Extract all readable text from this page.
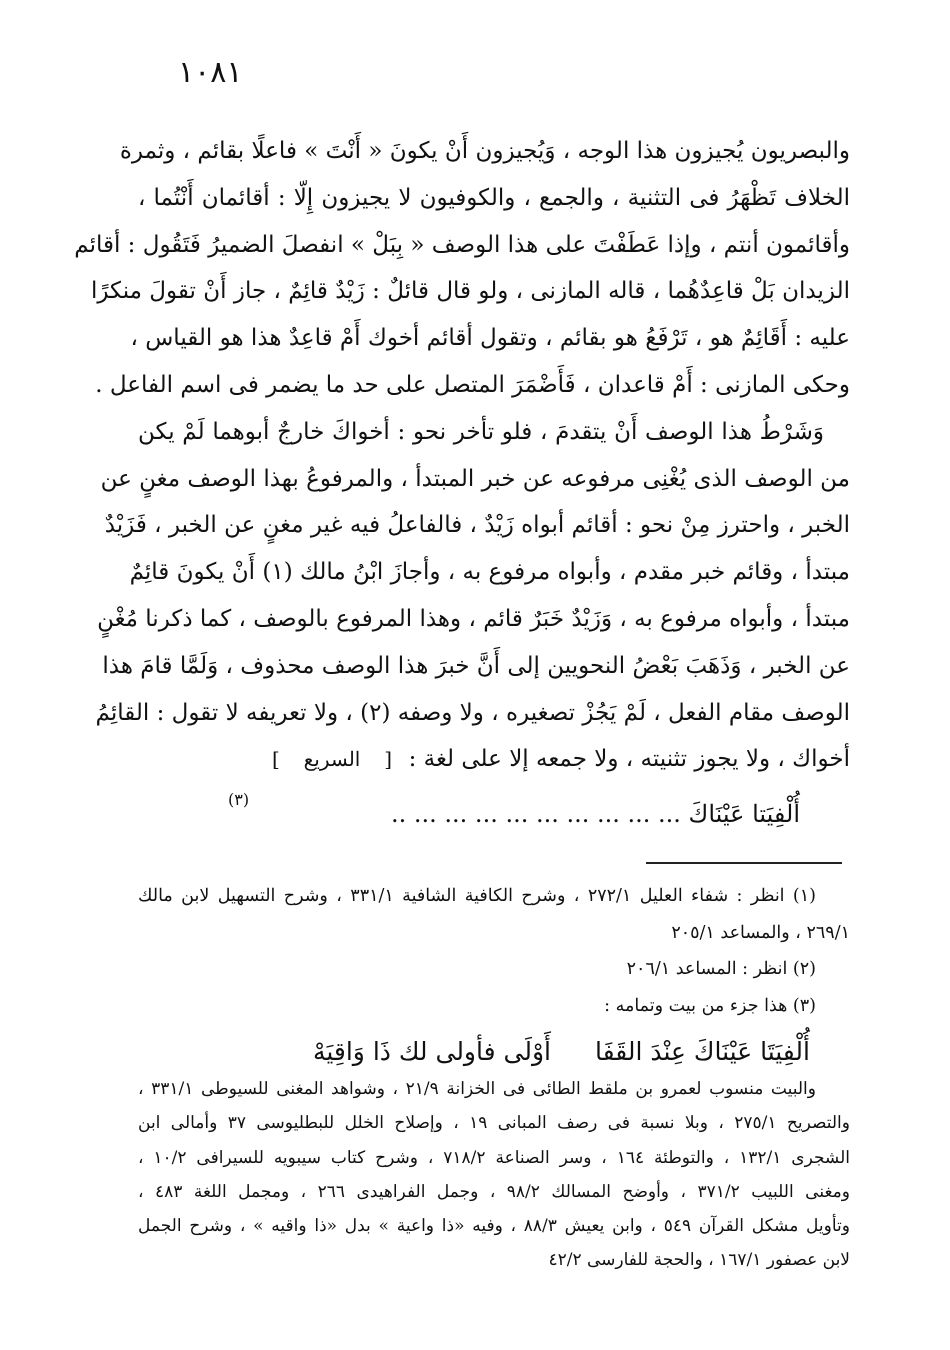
١٠٨١
والبصريون يُجيزون هذا الوجه ، وَيُجيزون أَنْ يكونَ « أَنْتَ » فاعلًا بقائم ، وثمرة
الخلاف تَظْهَرُ فى التثنية ، والجمع ، والكوفيون لا يجيزون إِلّا : أقائمان أَنْتُما ،
وأقائمون أنتم ، وإذا عَطَفْتَ على هذا الوصف « بِبَلْ » انفصلَ الضميرُ فَتَقُول : أقائم
الزيدان بَلْ قاعِدٌهُما ، قاله المازنى ، ولو قال قائلٌ : زَيْدٌ قائِمٌ ، جاز أَنْ تقولَ منكرًا
عليه : أَقَائِمٌ هو ، تَرْفَعُ هو بقائم ، وتقول أقائم أخوك أَمْ قاعِدٌ هذا هو القياس ،
وحكى المازنى : أَمْ قاعدان ، فَأَضْمَرَ المتصل على حد ما يضمر فى اسم الفاعل .
وَشَرْطُ هذا الوصف أَنْ يتقدمَ ، فلو تأخر نحو : أخواكَ خارجٌ أبوهما لَمْ يكن
من الوصف الذى يُغْنِى مرفوعه عن خبر المبتدأ ، والمرفوعُ بهذا الوصف مغنٍ عن
الخبر ، واحترز مِنْ نحو : أقائم أبواه زَيْدٌ ، فالفاعلُ فيه غير مغنٍ عن الخبر ، فَزَيْدٌ
مبتدأ ، وقائم خبر مقدم ، وأبواه مرفوع به ، وأجازَ ابْنُ مالك (١) أَنْ يكونَ قائِمٌ
مبتدأ ، وأبواه مرفوع به ، وَزَيْدٌ خَبَرٌ قائم ، وهذا المرفوع بالوصف ، كما ذكرنا مُغْنٍ
عن الخبر ، وَذَهَبَ بَعْضُ النحويين إلى أَنَّ خبرَ هذا الوصف محذوف ، وَلَمَّا قامَ هذا
الوصف مقام الفعل ، لَمْ يَجُزْ تصغيره ، ولا وصفه (٢) ، ولا تعريفه لا تقول : القائِمُ
أخواك ، ولا يجوز تثنيته ، ولا جمعه إلا على لغة :
[ السريع ]
أُلْفِيَتا عَيْنَاكَ ... ... ... ... ... ... ... ... ... ..
(٣)
(١) انظر : شفاء العليل ٢٧٢/١ ، وشرح الكافية الشافية ٣٣١/١ ، وشرح التسهيل لابن مالك
٢٦٩/١ ، والمساعد ٢٠٥/١
(٢) انظر : المساعد ٢٠٦/١
(٣) هذا جزء من بيت وتمامه :
أُلْفِيَتَا عَيْنَاكَ عِنْدَ القَفَا أَوْلَى فأولى لك ذَا وَاقِيَهْ
والبيت منسوب لعمرو بن ملقط الطائى فى الخزانة ٢١/٩ ، وشواهد المغنى للسيوطى ٣٣١/١ ،
والتصريح ٢٧٥/١ ، وبلا نسبة فى رصف المبانى ١٩ ، وإصلاح الخلل للبطليوسى ٣٧ وأمالى ابن
الشجرى ١٣٢/١ ، والتوطئة ١٦٤ ، وسر الصناعة ٧١٨/٢ ، وشرح كتاب سيبويه للسيرافى ١٠/٢ ،
ومغنى اللبيب ٣٧١/٢ ، وأوضح المسالك ٩٨/٢ ، وجمل الفراهيدى ٢٦٦ ، ومجمل اللغة ٤٨٣ ،
وتأويل مشكل القرآن ٥٤٩ ، وابن يعيش ٨٨/٣ ، وفيه «ذا واعية » بدل «ذا واقيه » ، وشرح الجمل
لابن عصفور ١٦٧/١ ، والحجة للفارسى ٤٢/٢
